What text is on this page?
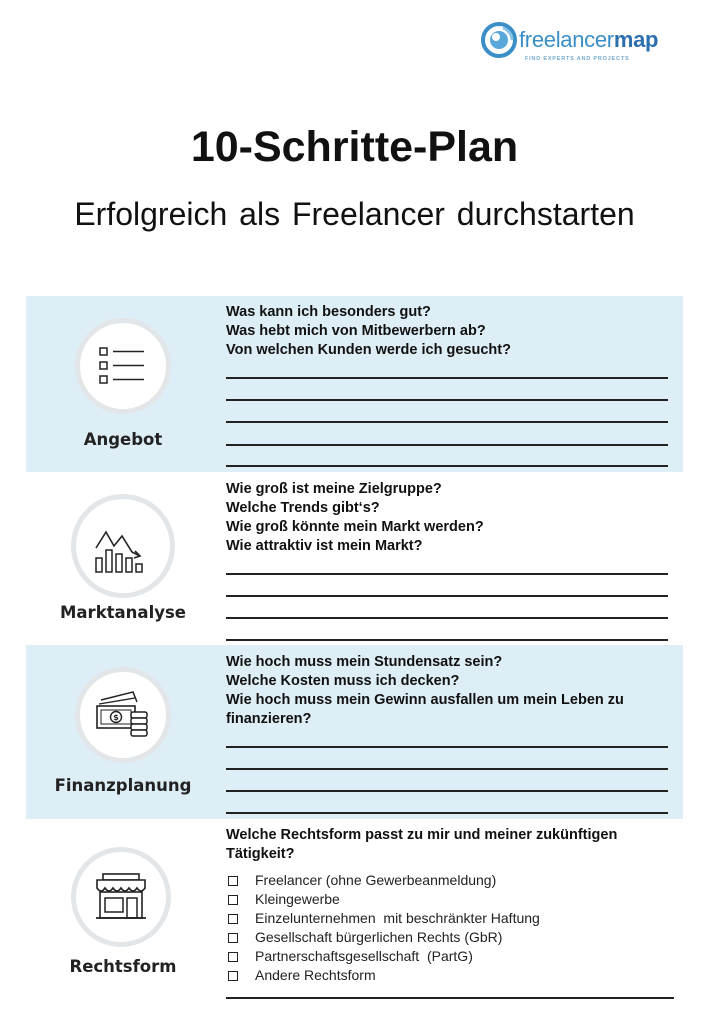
freelancermap
FIND EXPERTS AND PROJECTS
10-Schritte-Plan
Erfolgreich als Freelancer durchstarten
Angebot
Was kann ich besonders gut?
Was hebt mich von Mitbewerbern ab?
Von welchen Kunden werde ich gesucht?
Marktanalyse
Wie groß ist meine Zielgruppe?
Welche Trends gibt‘s?
Wie groß könnte mein Markt werden?
Wie attraktiv ist mein Markt?
$
Finanzplanung
Wie hoch muss mein Stundensatz sein?
Welche Kosten muss ich decken?
Wie hoch muss mein Gewinn ausfallen um mein Leben zu finanzieren?
Rechtsform
Welche Rechtsform passt zu mir und meiner zukünftigen Tätigkeit?
Freelancer (ohne Gewerbeanmeldung)
Kleingewerbe
Einzelunternehmen  mit beschränkter Haftung
Gesellschaft bürgerlichen Rechts (GbR)
Partnerschaftsgesellschaft  (PartG)
Andere Rechtsform
